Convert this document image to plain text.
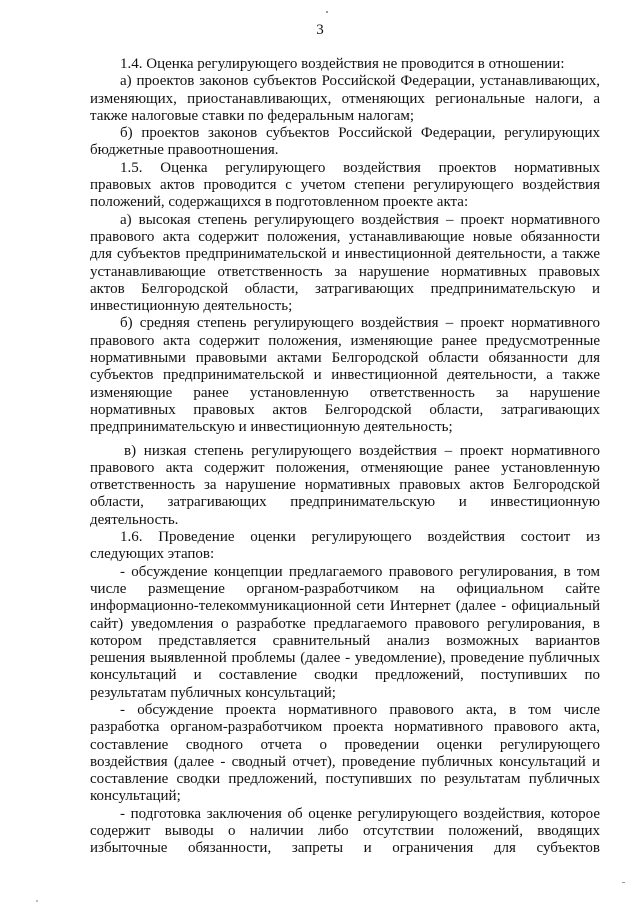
3
1.4. Оценка регулирующего воздействия не проводится в отношении:
а) проектов законов субъектов Российской Федерации, устанавливающих,
изменяющих, приостанавливающих, отменяющих региональные налоги, а
также налоговые ставки по федеральным налогам;
б) проектов законов субъектов Российской Федерации, регулирующих
бюджетные правоотношения.
1.5. Оценка регулирующего воздействия проектов нормативных
правовых актов проводится с учетом степени регулирующего воздействия
положений, содержащихся в подготовленном проекте акта:
а) высокая степень регулирующего воздействия – проект нормативного
правового акта содержит положения, устанавливающие новые обязанности
для субъектов предпринимательской и инвестиционной деятельности, а также
устанавливающие ответственность за нарушение нормативных правовых
актов Белгородской области, затрагивающих предпринимательскую и
инвестиционную деятельность;
б) средняя степень регулирующего воздействия – проект нормативного
правового акта содержит положения, изменяющие ранее предусмотренные
нормативными правовыми актами Белгородской области обязанности для
субъектов предпринимательской и инвестиционной деятельности, а также
изменяющие ранее установленную ответственность за нарушение
нормативных правовых актов Белгородской области, затрагивающих
предпринимательскую и инвестиционную деятельность;
в) низкая степень регулирующего воздействия – проект нормативного
правового акта содержит положения, отменяющие ранее установленную
ответственность за нарушение нормативных правовых актов Белгородской
области, затрагивающих предпринимательскую и инвестиционную
деятельность.
1.6. Проведение оценки регулирующего воздействия состоит из
следующих этапов:
- обсуждение концепции предлагаемого правового регулирования, в том
числе размещение органом-разработчиком на официальном сайте
информационно-телекоммуникационной сети Интернет (далее - официальный
сайт) уведомления о разработке предлагаемого правового регулирования, в
котором представляется сравнительный анализ возможных вариантов
решения выявленной проблемы (далее - уведомление), проведение публичных
консультаций и составление сводки предложений, поступивших по
результатам публичных консультаций;
- обсуждение проекта нормативного правового акта, в том числе
разработка органом-разработчиком проекта нормативного правового акта,
составление сводного отчета о проведении оценки регулирующего
воздействия (далее - сводный отчет), проведение публичных консультаций и
составление сводки предложений, поступивших по результатам публичных
консультаций;
- подготовка заключения об оценке регулирующего воздействия, которое
содержит выводы о наличии либо отсутствии положений, вводящих
избыточные обязанности, запреты и ограничения для субъектов
